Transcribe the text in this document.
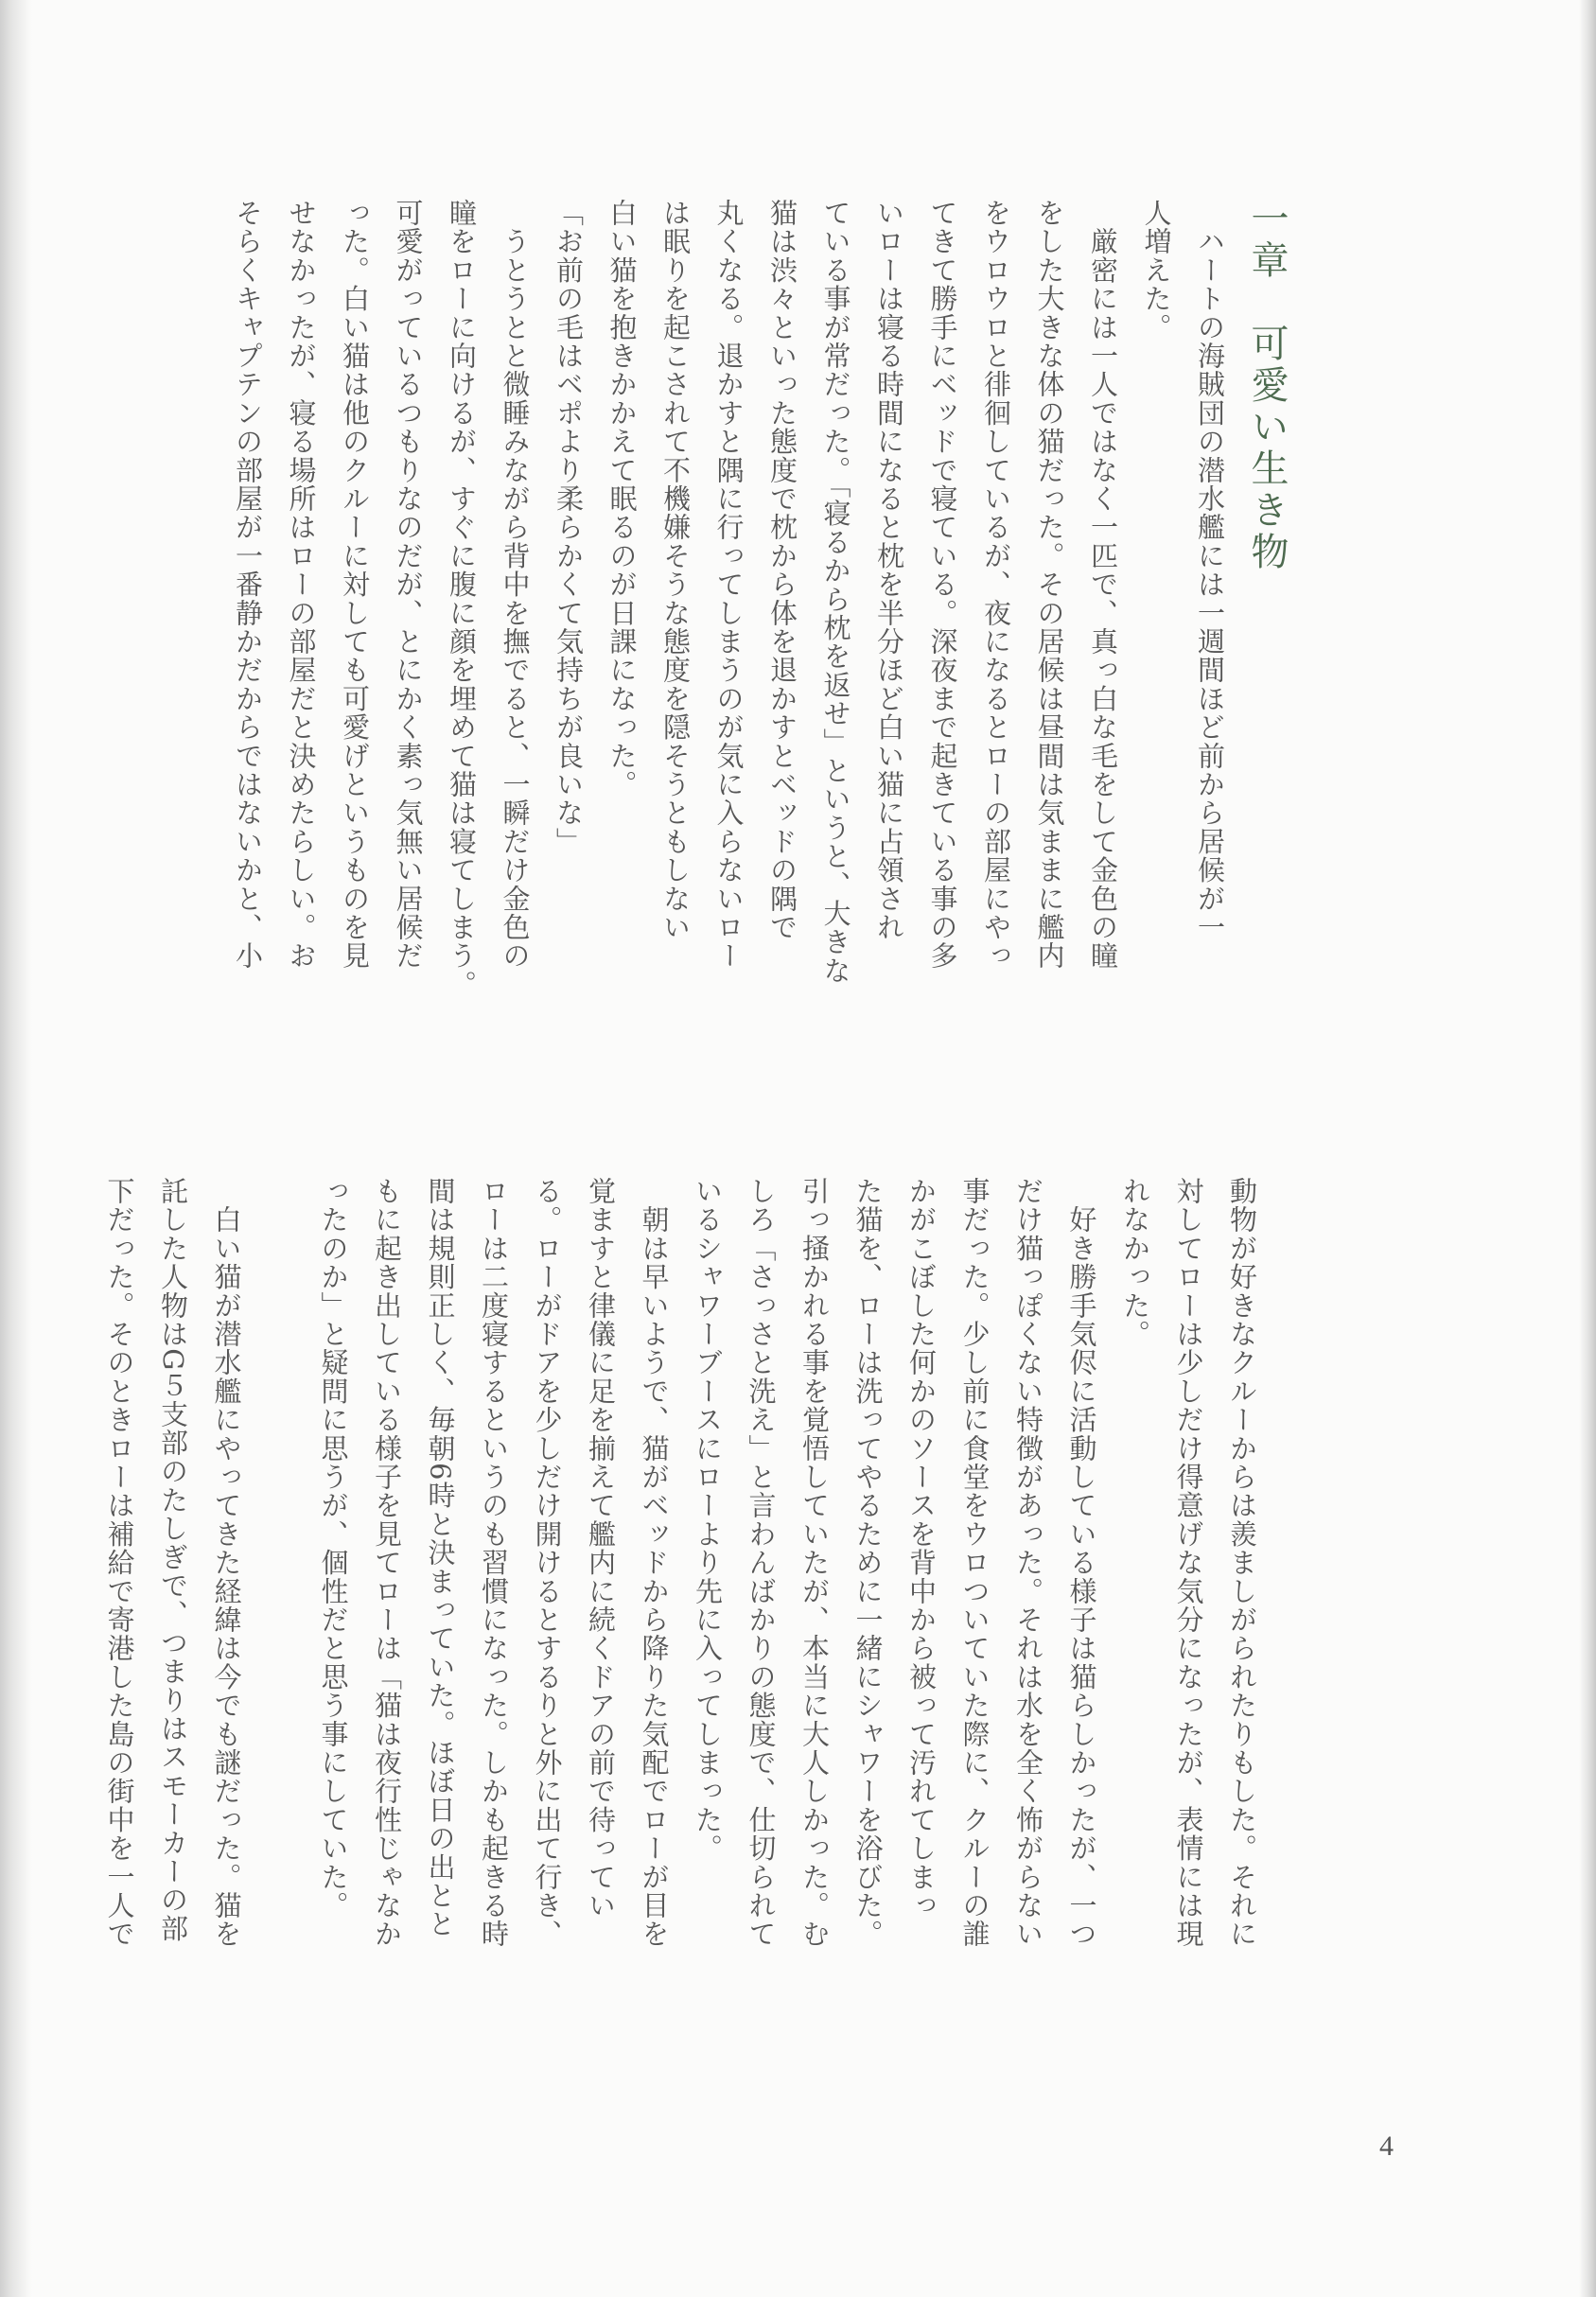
一章　可愛い生き物
　ハートの海賊団の潜水艦には一週間ほど前から居候が一
人増えた。
　厳密には一人ではなく一匹で、真っ白な毛をして金色の瞳
をした大きな体の猫だった。その居候は昼間は気ままに艦内
をウロウロと徘徊しているが、夜になるとローの部屋にやっ
てきて勝手にベッドで寝ている。深夜まで起きている事の多
いローは寝る時間になると枕を半分ほど白い猫に占領され
ている事が常だった。「寝るから枕を返せ」というと、大きな
猫は渋々といった態度で枕から体を退かすとベッドの隅で
丸くなる。退かすと隅に行ってしまうのが気に入らないロー
は眠りを起こされて不機嫌そうな態度を隠そうともしない
白い猫を抱きかかえて眠るのが日課になった。
「お前の毛はベポより柔らかくて気持ちが良いな」
　うとうとと微睡みながら背中を撫でると、一瞬だけ金色の
瞳をローに向けるが、すぐに腹に顔を埋めて猫は寝てしまう。
可愛がっているつもりなのだが、とにかく素っ気無い居候だ
った。白い猫は他のクルーに対しても可愛げというものを見
せなかったが、寝る場所はローの部屋だと決めたらしい。お
そらくキャプテンの部屋が一番静かだからではないかと、小
動物が好きなクルーからは羨ましがられたりもした。それに
対してローは少しだけ得意げな気分になったが、表情には現
れなかった。
　好き勝手気侭に活動している様子は猫らしかったが、一つ
だけ猫っぽくない特徴があった。それは水を全く怖がらない
事だった。少し前に食堂をウロついていた際に、クルーの誰
かがこぼした何かのソースを背中から被って汚れてしまっ
た猫を、ローは洗ってやるために一緒にシャワーを浴びた。
引っ掻かれる事を覚悟していたが、本当に大人しかった。む
しろ「さっさと洗え」と言わんばかりの態度で、仕切られて
いるシャワーブースにローより先に入ってしまった。
　朝は早いようで、猫がベッドから降りた気配でローが目を
覚ますと律儀に足を揃えて艦内に続くドアの前で待ってい
る。ローがドアを少しだけ開けるとするりと外に出て行き、
ローは二度寝するというのも習慣になった。しかも起きる時
間は規則正しく、毎朝6時と決まっていた。ほぼ日の出とと
もに起き出している様子を見てローは「猫は夜行性じゃなか
ったのか」と疑問に思うが、個性だと思う事にしていた。

　白い猫が潜水艦にやってきた経緯は今でも謎だった。猫を
託した人物はG５支部のたしぎで、つまりはスモーカーの部
下だった。そのときローは補給で寄港した島の街中を一人で
4
